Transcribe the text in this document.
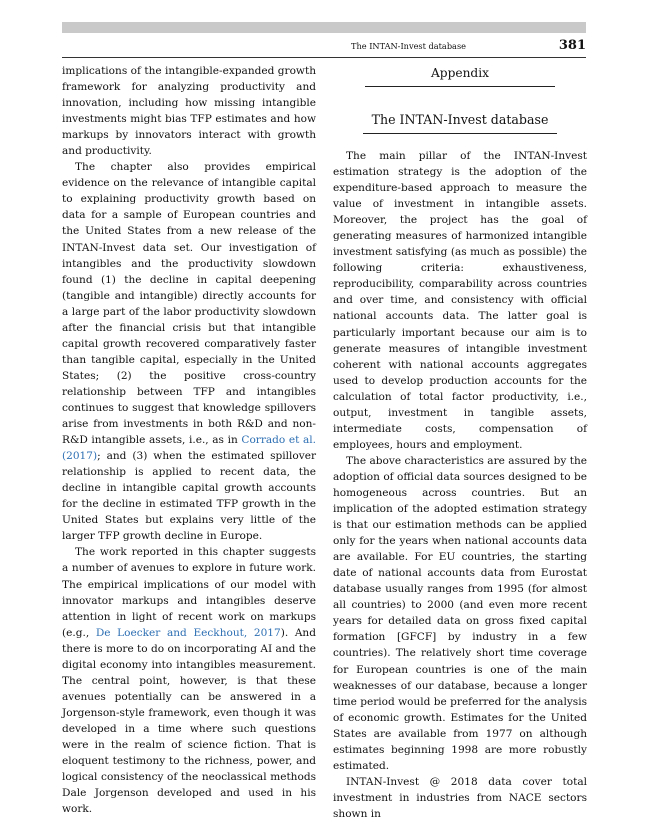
The INTAN-Invest database	381

implications of the intangible-expanded growth framework for analyzing productivity and innovation, including how missing intangible investments might bias TFP estimates and how markups by innovators interact with growth and productivity.

The chapter also provides empirical evidence on the relevance of intangible capital to explaining productivity growth based on data for a sample of European countries and the United States from a new release of the INTAN-Invest data set. Our investigation of intangibles and the productivity slowdown found (1) the decline in capital deepening (tangible and intangible) directly accounts for a large part of the labor productivity slowdown after the financial crisis but that intangible capital growth recovered comparatively faster than tangible capital, especially in the United States; (2) the positive cross-country relationship between TFP and intangibles continues to suggest that knowledge spillovers arise from investments in both R&D and non-R&D intangible assets, i.e., as in Corrado et al. (2017); and (3) when the estimated spillover relationship is applied to recent data, the decline in intangible capital growth accounts for the decline in estimated TFP growth in the United States but explains very little of the larger TFP growth decline in Europe.

The work reported in this chapter suggests a number of avenues to explore in future work. The empirical implications of our model with innovator markups and intangibles deserve attention in light of recent work on markups (e.g., De Loecker and Eeckhout, 2017). And there is more to do on incorporating AI and the digital economy into intangibles measurement. The central point, however, is that these avenues potentially can be answered in a Jorgenson-style framework, even though it was developed in a time where such questions were in the realm of science fiction. That is eloquent testimony to the richness, power, and logical consistency of the neoclassical methods Dale Jorgenson developed and used in his work.

Appendix
The INTAN-Invest database

The main pillar of the INTAN-Invest estimation strategy is the adoption of the expenditure-based approach to measure the value of investment in intangible assets. Moreover, the project has the goal of generating measures of harmonized intangible investment satisfying (as much as possible) the following criteria: exhaustiveness, reproducibility, comparability across countries and over time, and consistency with official national accounts data. The latter goal is particularly important because our aim is to generate measures of intangible investment coherent with national accounts aggregates used to develop production accounts for the calculation of total factor productivity, i.e., output, investment in tangible assets, intermediate costs, compensation of employees, hours and employment.

The above characteristics are assured by the adoption of official data sources designed to be homogeneous across countries. But an implication of the adopted estimation strategy is that our estimation methods can be applied only for the years when national accounts data are available. For EU countries, the starting date of national accounts data from Eurostat database usually ranges from 1995 (for almost all countries) to 2000 (and even more recent years for detailed data on gross fixed capital formation [GFCF] by industry in a few countries). The relatively short time coverage for European countries is one of the main weaknesses of our database, because a longer time period would be preferred for the analysis of economic growth. Estimates for the United States are available from 1977 on although estimates beginning 1998 are more robustly estimated.

INTAN-Invest @ 2018 data cover total investment in industries from NACE sectors shown in
